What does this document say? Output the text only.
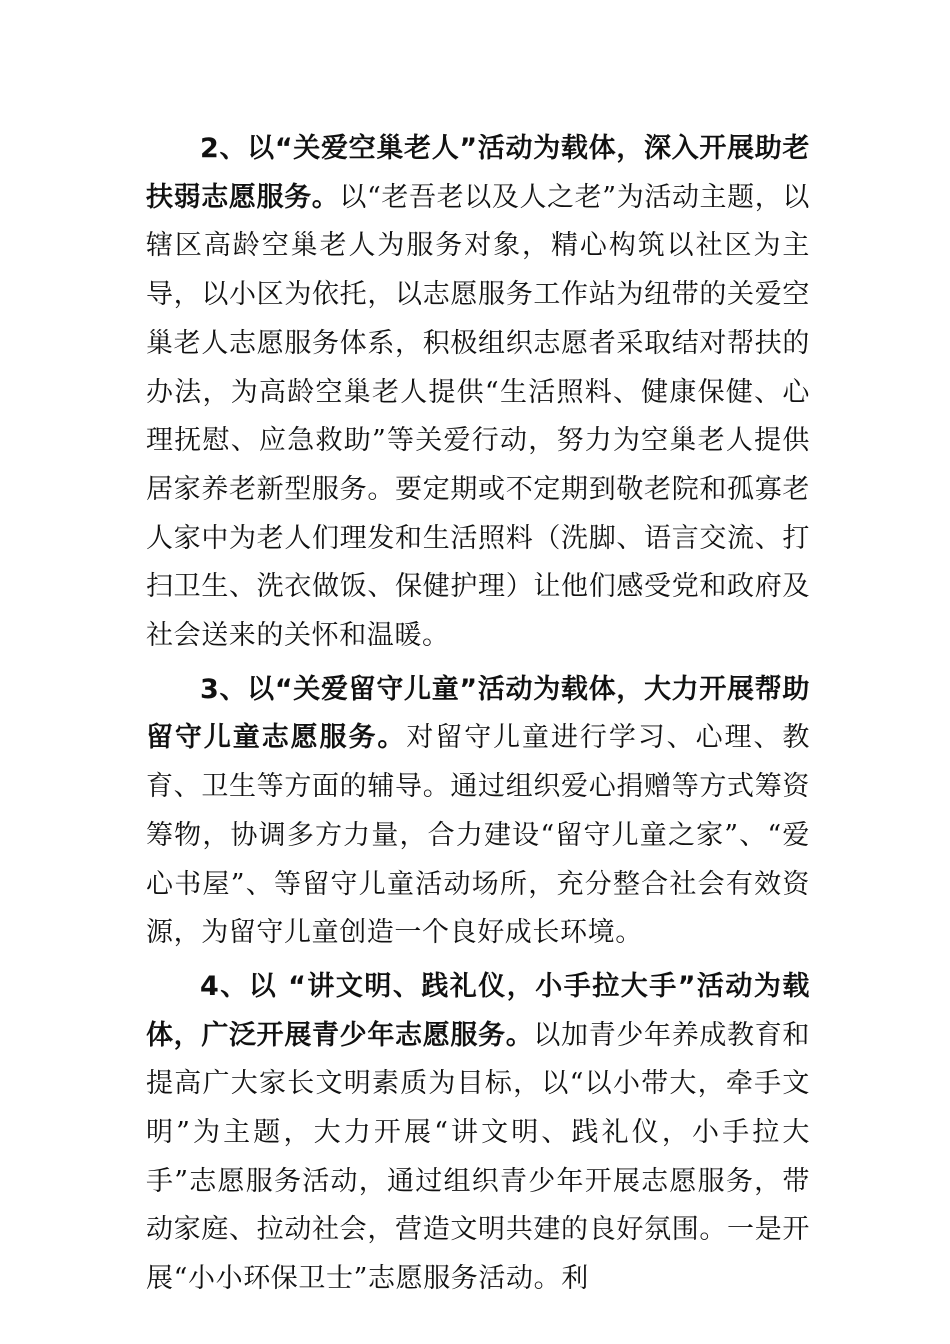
2、以“关爱空巢老人”活动为载体，深入开展助老扶弱志愿服务。以“老吾老以及人之老”为活动主题，以辖区高龄空巢老人为服务对象，精心构筑以社区为主导，以小区为依托，以志愿服务工作站为纽带的关爱空巢老人志愿服务体系，积极组织志愿者采取结对帮扶的办法，为高龄空巢老人提供“生活照料、健康保健、心理抚慰、应急救助”等关爱行动，努力为空巢老人提供居家养老新型服务。要定期或不定期到敬老院和孤寡老人家中为老人们理发和生活照料（洗脚、语言交流、打扫卫生、洗衣做饭、保健护理）让他们感受党和政府及社会送来的关怀和温暖。

3、以“关爱留守儿童”活动为载体，大力开展帮助留守儿童志愿服务。对留守儿童进行学习、心理、教育、卫生等方面的辅导。通过组织爱心捐赠等方式筹资筹物，协调多方力量，合力建设“留守儿童之家”、“爱心书屋”、等留守儿童活动场所，充分整合社会有效资源，为留守儿童创造一个良好成长环境。

4、以 “讲文明、践礼仪，小手拉大手”活动为载体，广泛开展青少年志愿服务。以加青少年养成教育和提高广大家长文明素质为目标，以“以小带大，牵手文明”为主题，大力开展“讲文明、践礼仪，小手拉大手”志愿服务活动，通过组织青少年开展志愿服务，带动家庭、拉动社会，营造文明共建的良好氛围。一是开展“小小环保卫士”志愿服务活动。利
